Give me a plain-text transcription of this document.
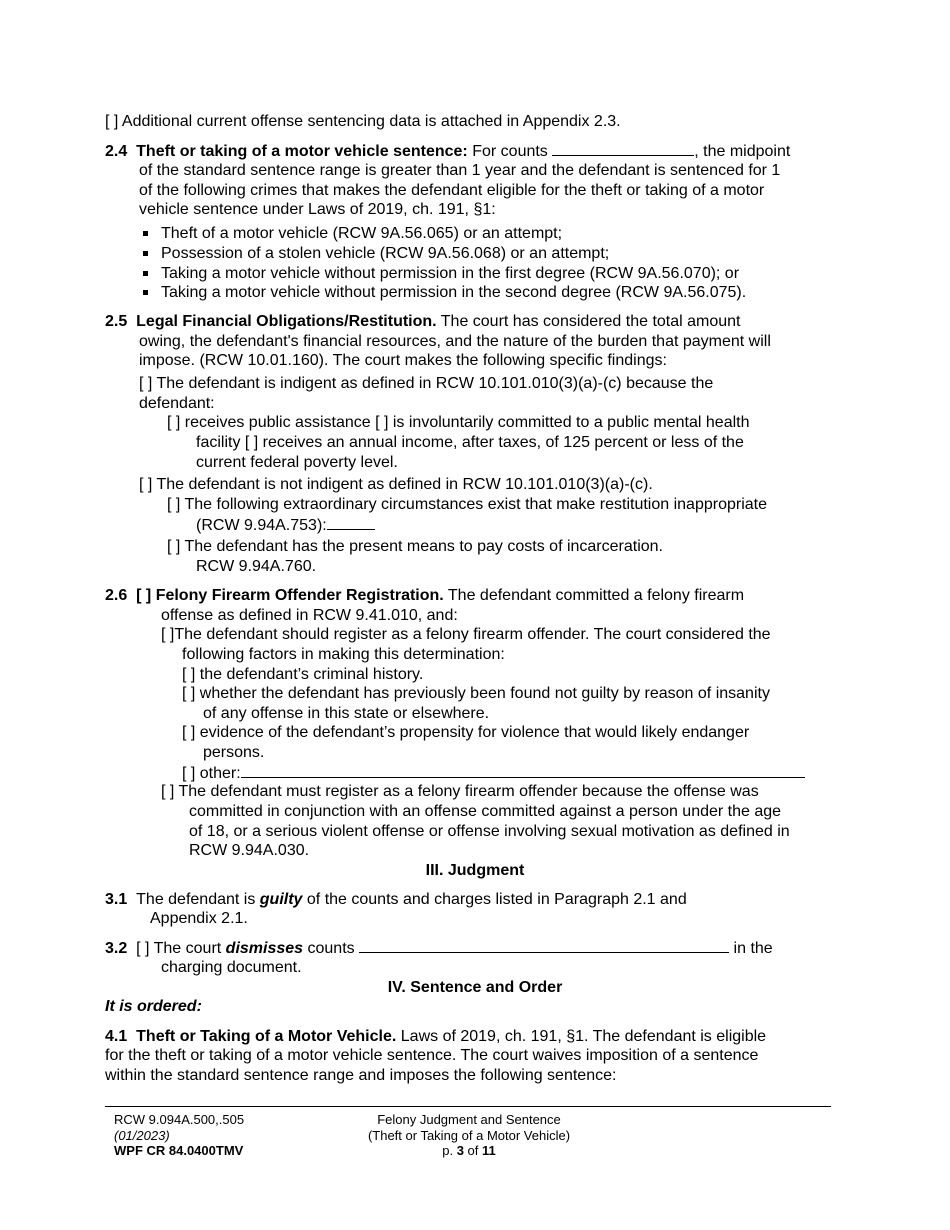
[ ] Additional current offense sentencing data is attached in Appendix 2.3.
2.4 Theft or taking of a motor vehicle sentence: For counts	, the midpoint
of the standard sentence range is greater than 1 year and the defendant is sentenced for 1
of the following crimes that makes the defendant eligible for the theft or taking of a motor
vehicle sentence under Laws of 2019, ch. 191, §1:
Theft of a motor vehicle (RCW 9A.56.065) or an attempt;
Possession of a stolen vehicle (RCW 9A.56.068) or an attempt;
Taking a motor vehicle without permission in the first degree (RCW 9A.56.070); or
Taking a motor vehicle without permission in the second degree (RCW 9A.56.075).
2.5 Legal Financial Obligations/Restitution. The court has considered the total amount
owing, the defendant's financial resources, and the nature of the burden that payment will
impose. (RCW 10.01.160). The court makes the following specific findings:
[ ] The defendant is indigent as defined in RCW 10.101.010(3)(a)-(c) because the
defendant:
[ ] receives public assistance [ ] is involuntarily committed to a public mental health
facility [ ] receives an annual income, after taxes, of 125 percent or less of the
current federal poverty level.
[ ] The defendant is not indigent as defined in RCW 10.101.010(3)(a)-(c).
[ ] The following extraordinary circumstances exist that make restitution inappropriate
(RCW 9.94A.753):
[ ] The defendant has the present means to pay costs of incarceration.
RCW 9.94A.760.
2.6 [ ] Felony Firearm Offender Registration. The defendant committed a felony firearm
offense as defined in RCW 9.41.010, and:
[ ]The defendant should register as a felony firearm offender. The court considered the
following factors in making this determination:
[ ] the defendant’s criminal history.
[ ] whether the defendant has previously been found not guilty by reason of insanity
of any offense in this state or elsewhere.
[ ] evidence of the defendant’s propensity for violence that would likely endanger
persons.
[ ] other:
[ ] The defendant must register as a felony firearm offender because the offense was
committed in conjunction with an offense committed against a person under the age
of 18, or a serious violent offense or offense involving sexual motivation as defined in
RCW 9.94A.030.
III. Judgment
3.1 The defendant is guilty of the counts and charges listed in Paragraph 2.1 and
Appendix 2.1.
3.2 [ ] The court dismisses counts	in the
charging document.
IV. Sentence and Order
It is ordered:
4.1 Theft or Taking of a Motor Vehicle. Laws of 2019, ch. 191, §1. The defendant is eligible
for the theft or taking of a motor vehicle sentence. The court waives imposition of a sentence
within the standard sentence range and imposes the following sentence:
RCW 9.094A.500,.505
(01/2023)
WPF CR 84.0400TMV
Felony Judgment and Sentence
(Theft or Taking of a Motor Vehicle)
p. 3 of 11
